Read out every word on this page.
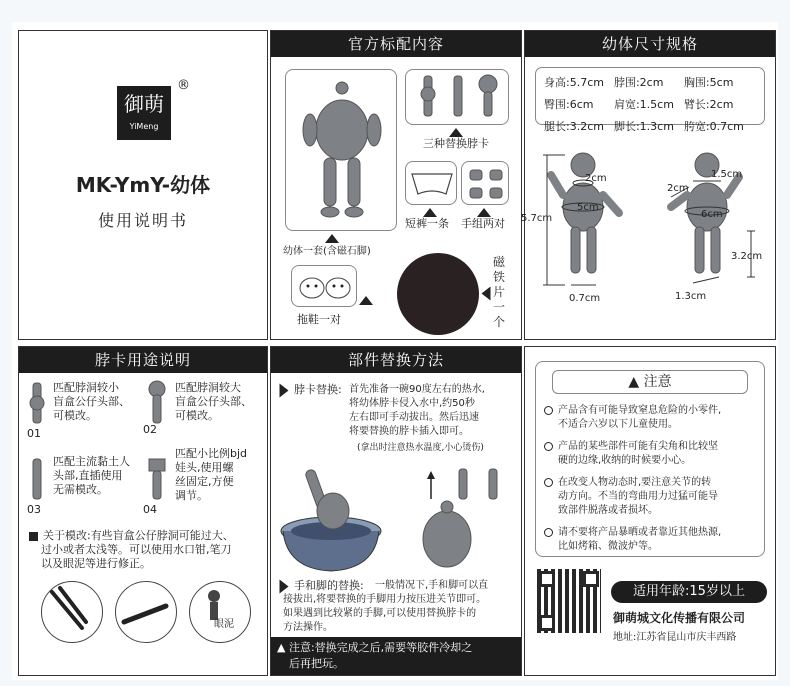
御萌
YiMeng
®
MK-YmY-幼体
使用说明书
官方标配内容
幼体一套(含磁石脚)
三种替换脖卡
短裤一条 手组两对
拖鞋一对
磁铁片一个
幼体尺寸规格
身高:5.7cm	脖围:2cm	胸围:5cm
臀围:6cm	肩宽:1.5cm	臂长:2cm
腿长:3.2cm	脚长:1.3cm	胯宽:0.7cm
5.7cm
2cm
5cm
0.7cm
1.5cm
2cm
6cm
3.2cm
1.3cm
脖卡用途说明
01
匹配脖洞较小
盲盒公仔头部、
可模改。
02
匹配脖洞较大
盲盒公仔头部、
可模改。
03
匹配主流黏土人
头部,直插使用
无需模改。
04
匹配小比例bjd
娃头,使用螺
丝固定,方便
调节。
关于模改:有些盲盒公仔脖洞可能过大、
过小或者太浅等。可以使用水口钳,笔刀
以及眼泥等进行修正。
眼泥
部件替换方法
脖卡替换: 首先准备一碗90度左右的热水,
将幼体脖卡侵入水中,约50秒
左右即可手动拔出。然后迅速
将要替换的脖卡插入即可。
(拿出时注意热水温度,小心烫伤)
手和脚的替换: 一般情况下,手和脚可以直
接拔出,将要替换的手脚用力按压进关节即可。
如果遇到比较紧的手脚,可以使用替换脖卡的
方法操作。
▲ 注意:替换完成之后,需要等胶件冷却之
后再把玩。
▲ 注意
产品含有可能导致窒息危险的小零件,
不适合六岁以下儿童使用。
产品的某些部件可能有尖角和比较坚
硬的边缘,收纳的时候要小心。
在改变人物动态时,要注意关节的转
动方向。不当的弯曲用力过猛可能导
致部件脱落或者损坏。
请不要将产品暴晒或者靠近其他热源,
比如烤箱、微波炉等。
适用年龄:15岁以上
御萌城文化传播有限公司
地址:江苏省昆山市庆丰西路
